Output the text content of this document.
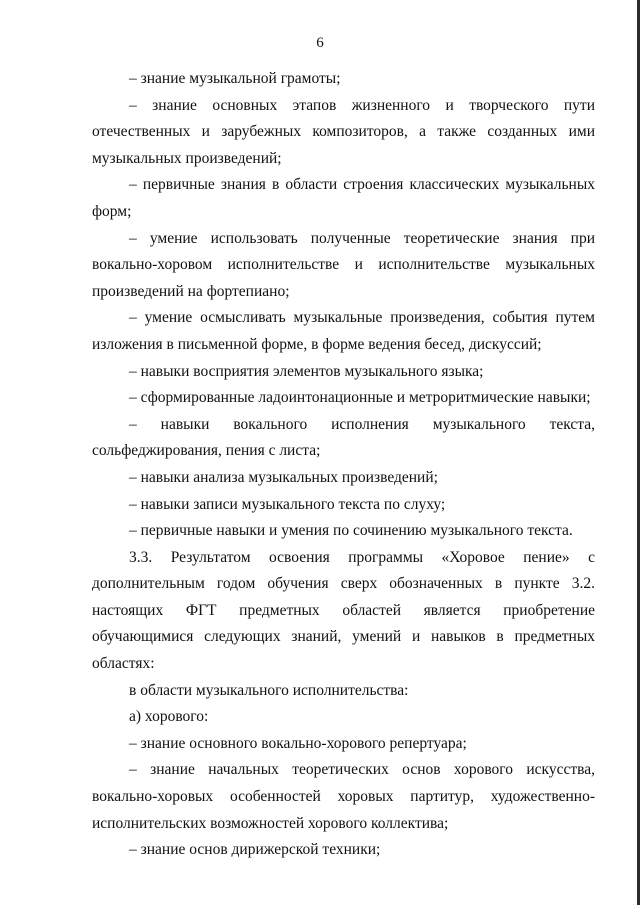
6

– знание музыкальной грамоты;

– знание основных этапов жизненного и творческого пути отечественных и зарубежных композиторов, а также созданных ими музыкальных произведений;

– первичные знания в области строения классических музыкальных форм;

– умение использовать полученные теоретические знания при вокально-хоровом исполнительстве и исполнительстве музыкальных произведений на фортепиано;

– умение осмысливать музыкальные произведения, события путем изложения в письменной форме, в форме ведения бесед, дискуссий;

– навыки восприятия элементов музыкального языка;

– сформированные ладоинтонационные и метроритмические навыки;

– навыки вокального исполнения музыкального текста, сольфеджирования, пения с листа;

– навыки анализа музыкальных произведений;

– навыки записи музыкального текста по слуху;

– первичные навыки и умения по сочинению музыкального текста.

3.3. Результатом освоения программы «Хоровое пение» с дополнительным годом обучения сверх обозначенных в пункте 3.2. настоящих ФГТ предметных областей является приобретение обучающимися следующих знаний, умений и навыков в предметных областях:

в области музыкального исполнительства:

а) хорового:

– знание основного вокально-хорового репертуара;

– знание начальных теоретических основ хорового искусства, вокально-хоровых особенностей хоровых партитур, художественно-исполнительских возможностей хорового коллектива;

– знание основ дирижерской техники;
